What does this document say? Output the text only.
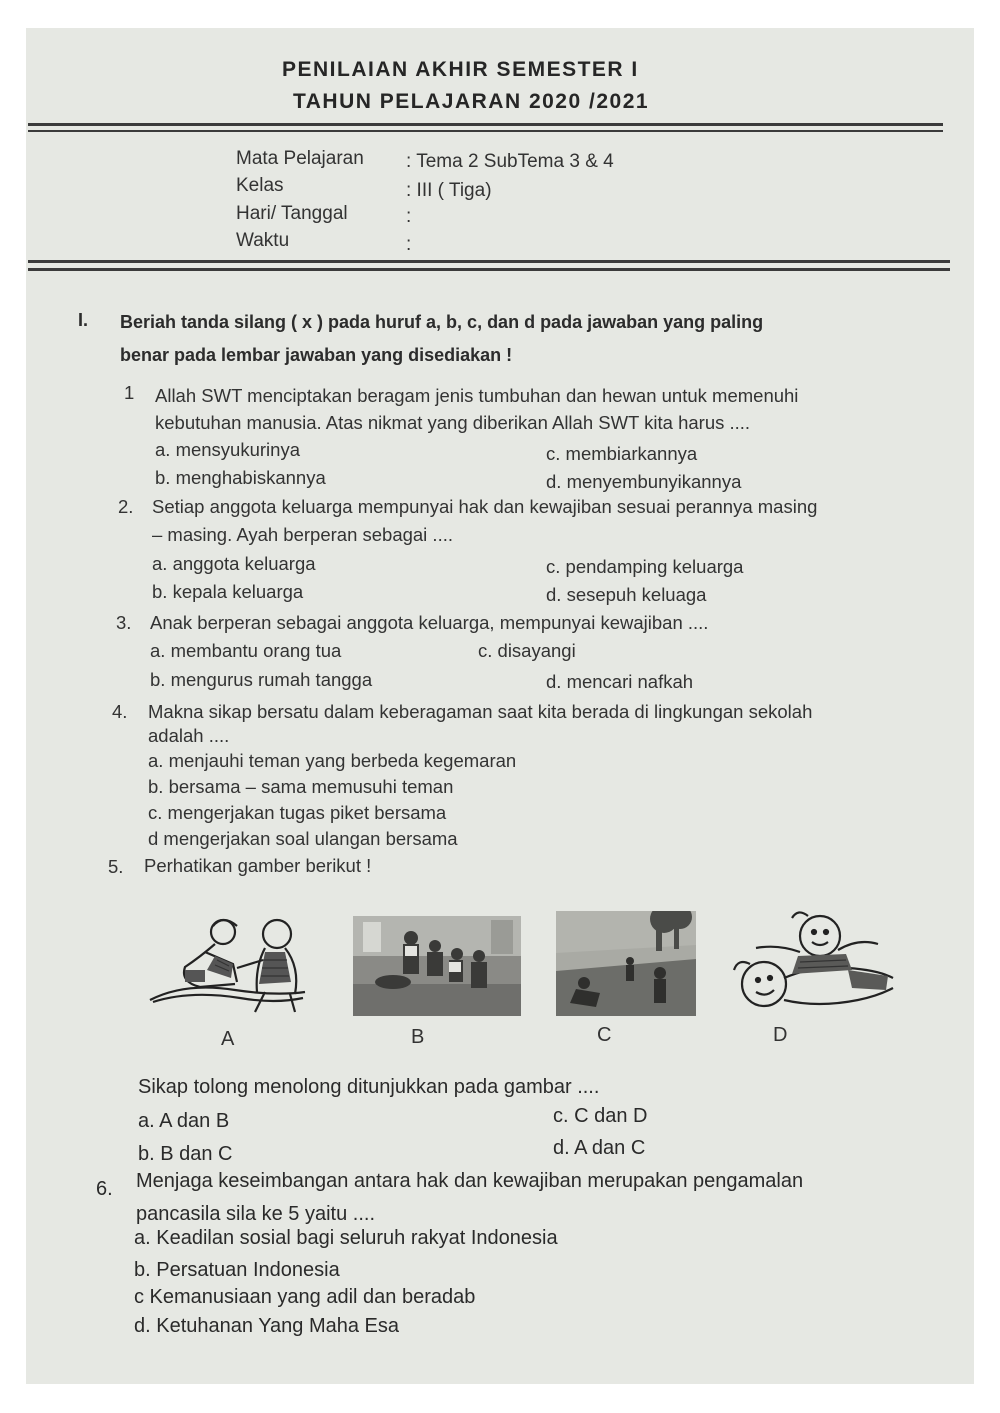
PENILAIAN AKHIR SEMESTER I
TAHUN PELAJARAN 2020 /2021
Mata Pelajaran : Tema 2 SubTema 3 & 4
Kelas	: III ( Tiga)
Hari/ Tanggal	:
Waktu	:
I. Beriah tanda silang ( x ) pada huruf a, b, c, dan d pada jawaban yang paling
benar pada lembar jawaban yang disediakan !
1 Allah SWT menciptakan beragam jenis tumbuhan dan hewan untuk memenuhi
kebutuhan manusia. Atas nikmat yang diberikan Allah SWT kita harus ....
a. mensyukurinya
b. menghabiskannya
c. membiarkannya
d. menyembunyikannya
2. Setiap anggota keluarga mempunyai hak dan kewajiban sesuai perannya masing
– masing. Ayah berperan sebagai ....
a. anggota keluarga
b. kepala keluarga
c. pendamping keluarga
d. sesepuh keluaga
3. Anak berperan sebagai anggota keluarga, mempunyai kewajiban ....
a. membantu orang tua
b. mengurus rumah tangga
c. disayangi
d. mencari nafkah
4. Makna sikap bersatu dalam keberagaman saat kita berada di lingkungan sekolah
adalah ....
a. menjauhi teman yang berbeda kegemaran
b. bersama – sama memusuhi teman
c. mengerjakan tugas piket bersama
d mengerjakan soal ulangan bersama
5. Perhatikan gamber berikut !
A	B	C	D
Sikap tolong menolong ditunjukkan pada gambar ....
a. A dan B
b. B dan C
c. C dan D
d. A dan C
6. Menjaga keseimbangan antara hak dan kewajiban merupakan pengamalan
pancasila sila ke 5 yaitu ....
a. Keadilan sosial bagi seluruh rakyat Indonesia
b. Persatuan Indonesia
c Kemanusiaan yang adil dan beradab
d. Ketuhanan Yang Maha Esa
